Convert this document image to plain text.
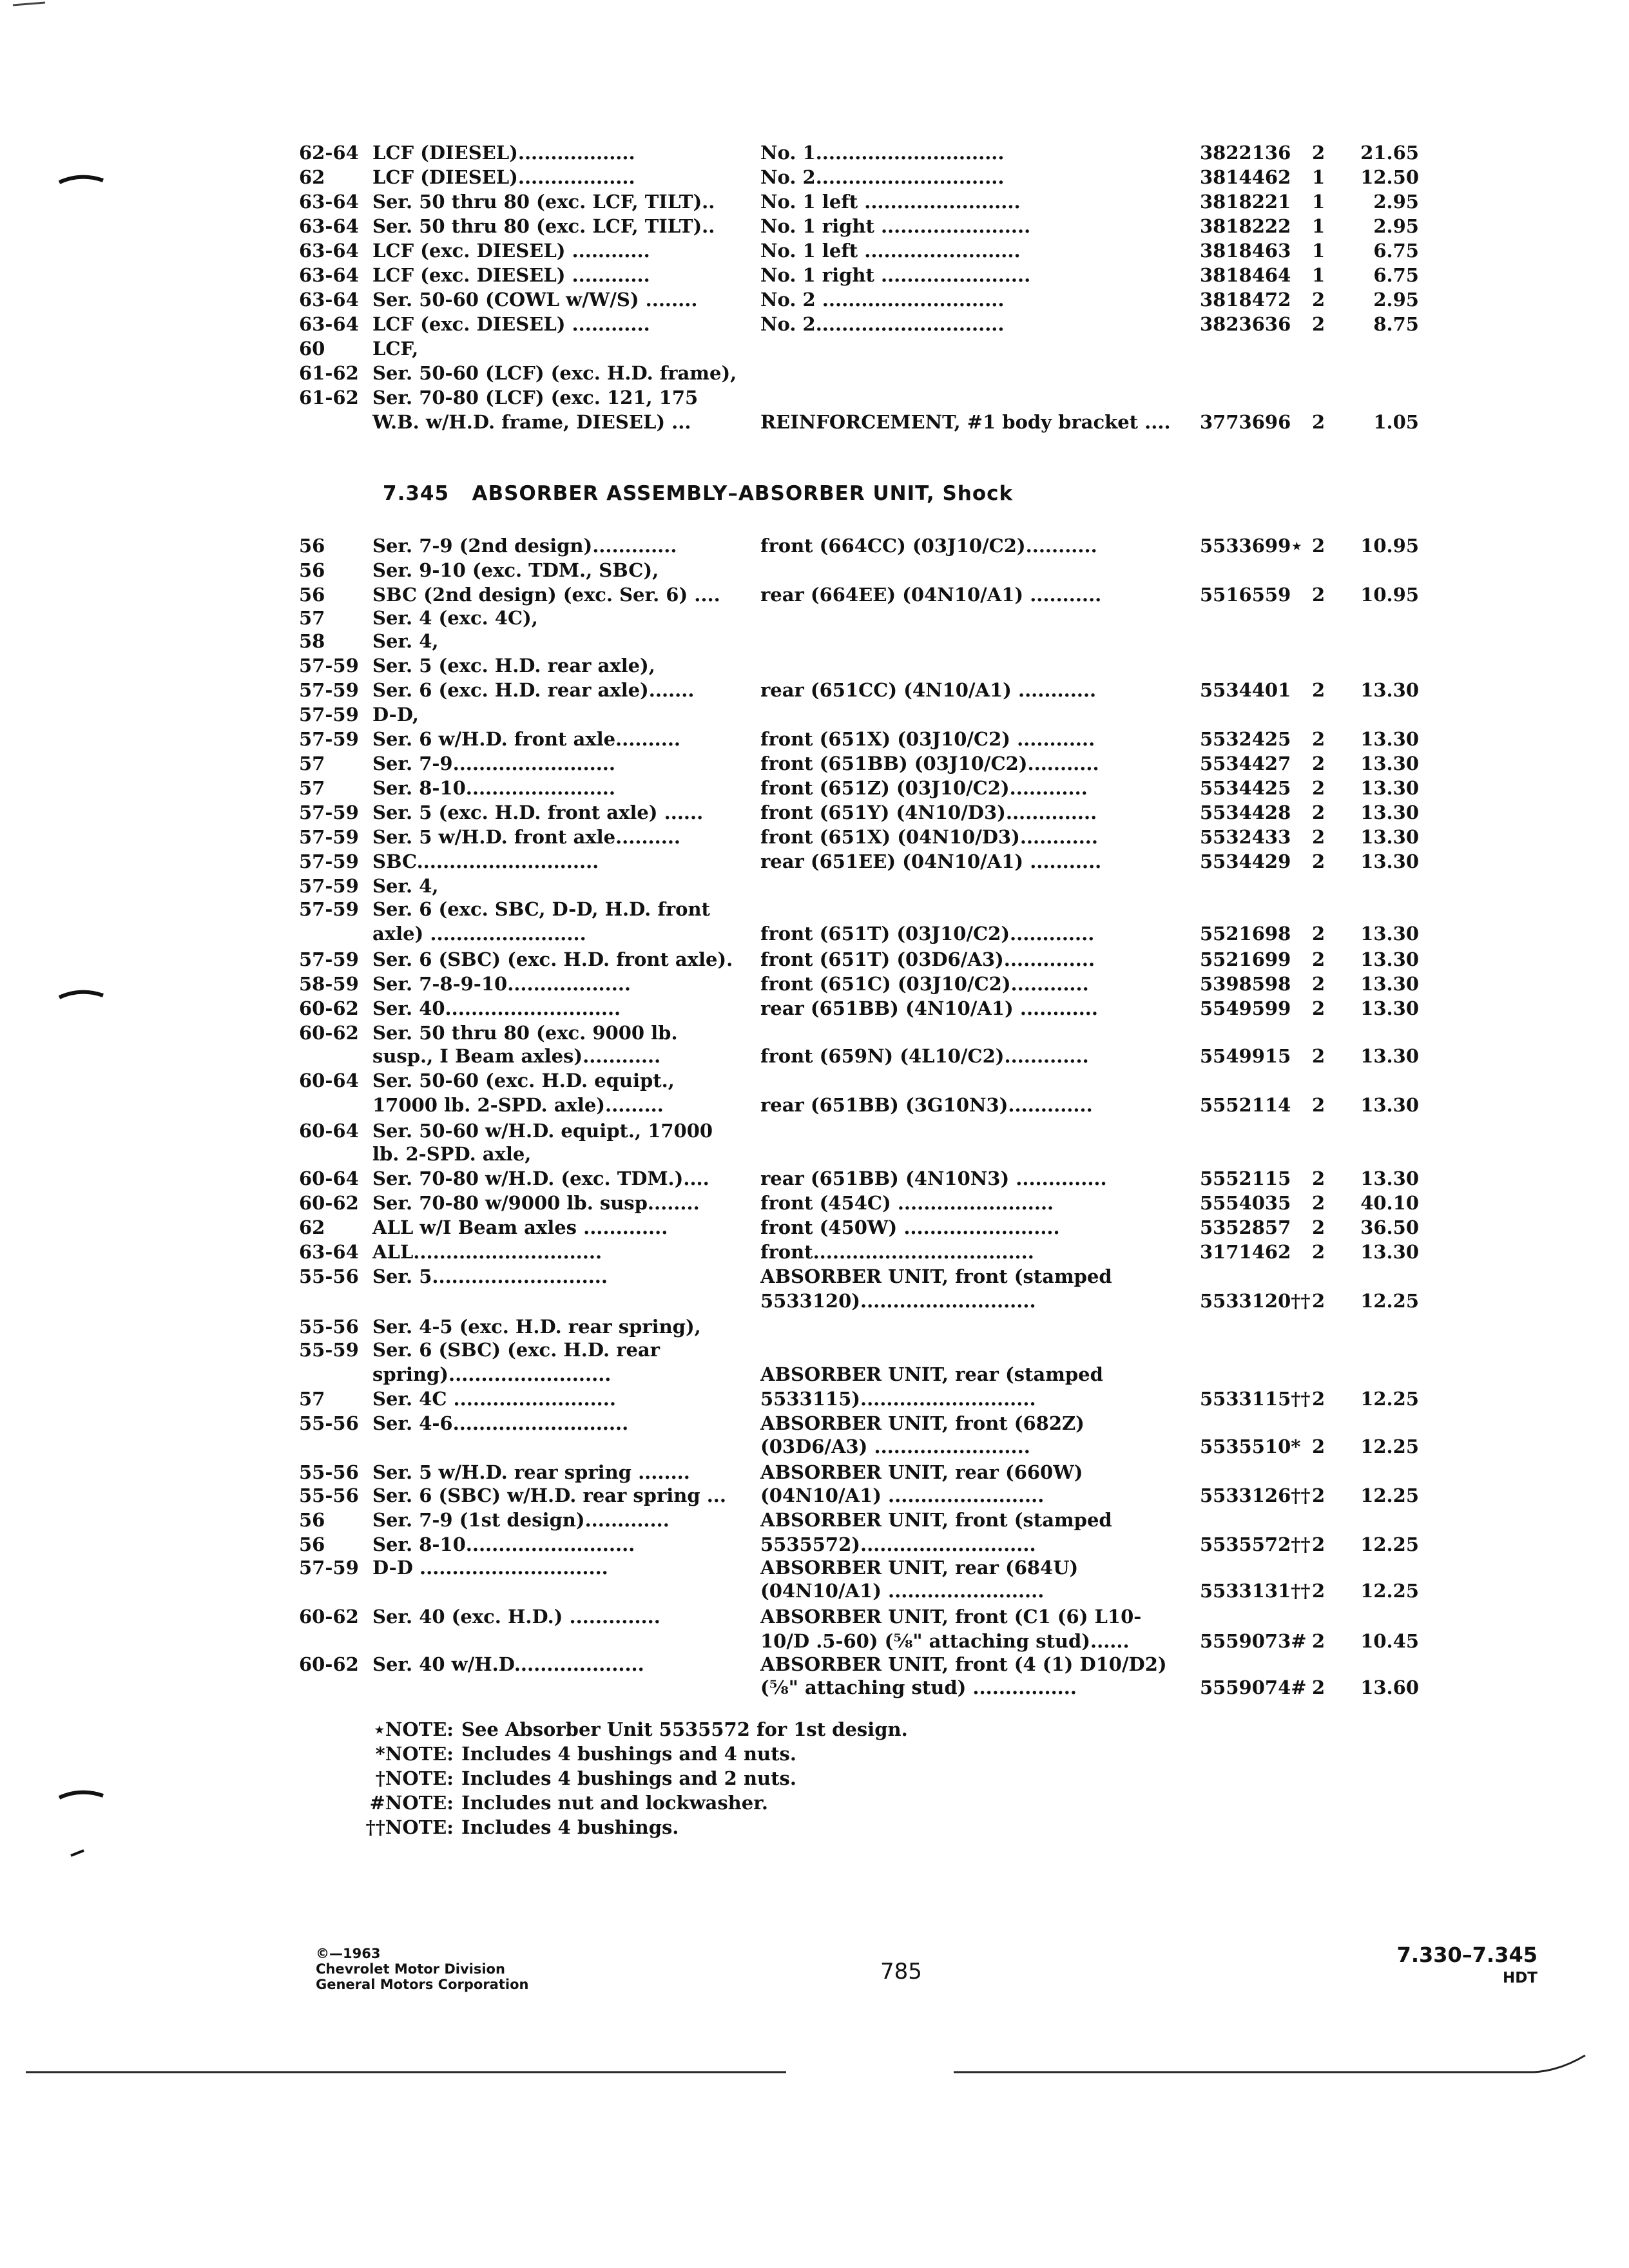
62-64 LCF (DIESEL)..................	No. 1.............................	3822136 2	21.65
62	LCF (DIESEL)..................	No. 2.............................	3814462 1	12.50
63-64 Ser. 50 thru 80 (exc. LCF, TILT).. No. 1 left ........................	3818221 1	2.95
63-64 Ser. 50 thru 80 (exc. LCF, TILT).. No. 1 right .......................	3818222 1	2.95
63-64 LCF (exc. DIESEL) ............	No. 1 left ........................	3818463 1	6.75
63-64 LCF (exc. DIESEL) ............	No. 1 right .......................	3818464 1	6.75
63-64 Ser. 50-60 (COWL w/W/S) ........	No. 2 ............................	3818472 2	2.95
63-64 LCF (exc. DIESEL) ............	No. 2.............................	3823636 2	8.75
60	LCF,
61-62 Ser. 50-60 (LCF) (exc. H.D. frame),
61-62 Ser. 70-80 (LCF) (exc. 121, 175
W.B. w/H.D. frame, DIESEL) ...	REINFORCEMENT, #1 body bracket .... 3773696 2	1.05
7.345 ABSORBER ASSEMBLY–ABSORBER UNIT, Shock
56	Ser. 7-9 (2nd design).............	front (664CC) (03J10/C2)...........	5533699⋆ 2	10.95
56	Ser. 9-10 (exc. TDM., SBC),
56	SBC (2nd design) (exc. Ser. 6) .... rear (664EE) (04N10/A1) ...........	5516559 2	10.95
57	Ser. 4 (exc. 4C),
58	Ser. 4,
57-59 Ser. 5 (exc. H.D. rear axle),
57-59 Ser. 6 (exc. H.D. rear axle).......	rear (651CC) (4N10/A1) ............	5534401 2	13.30
57-59 D-D,
57-59 Ser. 6 w/H.D. front axle..........	front (651X) (03J10/C2) ............	5532425 2	13.30
57	Ser. 7-9.........................	front (651BB) (03J10/C2)...........	5534427 2	13.30
57	Ser. 8-10.......................	front (651Z) (03J10/C2)............	5534425 2	13.30
57-59 Ser. 5 (exc. H.D. front axle) ......	front (651Y) (4N10/D3)..............	5534428 2	13.30
57-59 Ser. 5 w/H.D. front axle..........	front (651X) (04N10/D3)............	5532433 2	13.30
57-59 SBC............................	rear (651EE) (04N10/A1) ...........	5534429 2	13.30
57-59 Ser. 4,
57-59 Ser. 6 (exc. SBC, D-D, H.D. front
axle) ........................	front (651T) (03J10/C2).............	5521698 2	13.30
57-59 Ser. 6 (SBC) (exc. H.D. front axle). front (651T) (03D6/A3)..............	5521699 2	13.30
58-59 Ser. 7-8-9-10...................	front (651C) (03J10/C2)............	5398598 2	13.30
60-62 Ser. 40...........................	rear (651BB) (4N10/A1) ............	5549599 2	13.30
60-62 Ser. 50 thru 80 (exc. 9000 lb.
susp., I Beam axles)............	front (659N) (4L10/C2).............	5549915 2	13.30
60-64 Ser. 50-60 (exc. H.D. equipt.,
17000 lb. 2-SPD. axle).........	rear (651BB) (3G10N3).............	5552114 2	13.30
60-64 Ser. 50-60 w/H.D. equipt., 17000
lb. 2-SPD. axle,
60-64 Ser. 70-80 w/H.D. (exc. TDM.)....	rear (651BB) (4N10N3) ..............	5552115 2	13.30
60-62 Ser. 70-80 w/9000 lb. susp........	front (454C) ........................	5554035 2	40.10
62	ALL w/I Beam axles .............	front (450W) ........................	5352857 2	36.50
63-64 ALL.............................	front..................................	3171462 2	13.30
55-56 Ser. 5...........................	ABSORBER UNIT, front (stamped
5533120)...........................	5533120†† 2	12.25
55-56 Ser. 4-5 (exc. H.D. rear spring),
55-59 Ser. 6 (SBC) (exc. H.D. rear
spring).........................	ABSORBER UNIT, rear (stamped
57	Ser. 4C .........................	5533115)...........................	5533115†† 2	12.25
55-56 Ser. 4-6...........................	ABSORBER UNIT, front (682Z)
(03D6/A3) ........................	5535510* 2	12.25
55-56 Ser. 5 w/H.D. rear spring ........	ABSORBER UNIT, rear (660W)
55-56 Ser. 6 (SBC) w/H.D. rear spring ... (04N10/A1) ........................	5533126†† 2	12.25
56	Ser. 7-9 (1st design).............	ABSORBER UNIT, front (stamped
56	Ser. 8-10..........................	5535572)...........................	5535572†† 2	12.25
57-59 D-D .............................	ABSORBER UNIT, rear (684U)
(04N10/A1) ........................	5533131†† 2	12.25
60-62 Ser. 40 (exc. H.D.) ..............	ABSORBER UNIT, front (C1 (6) L10-
10/D .5-60) (⅝" attaching stud)......	5559073# 2	10.45
60-62 Ser. 40 w/H.D....................	ABSORBER UNIT, front (4 (1) D10/D2)
(⅝" attaching stud) ................	5559074# 2	13.60
⋆NOTE: See Absorber Unit 5535572 for 1st design.
*NOTE: Includes 4 bushings and 4 nuts.
†NOTE: Includes 4 bushings and 2 nuts.
#NOTE: Includes nut and lockwasher.
††NOTE: Includes 4 bushings.
©—1963
Chevrolet Motor Division
General Motors Corporation	785
7.330–7.345
HDT
